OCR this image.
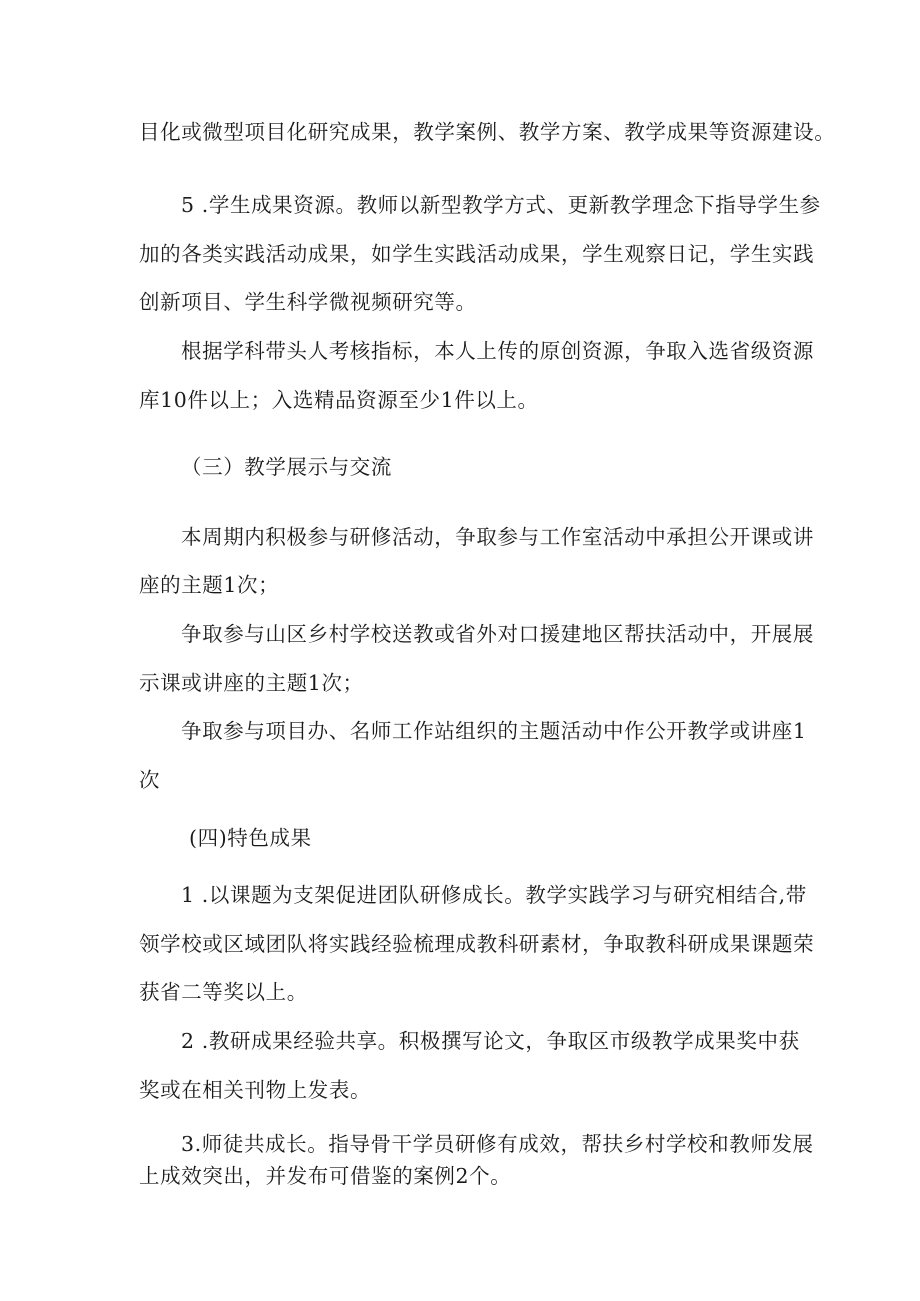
目化或微型项目化研究成果，教学案例、教学方案、教学成果等资源建设。
5 .学生成果资源。教师以新型教学方式、更新教学理念下指导学生参
加的各类实践活动成果，如学生实践活动成果，学生观察日记，学生实践
创新项目、学生科学微视频研究等。
根据学科带头人考核指标，本人上传的原创资源，争取入选省级资源
库10件以上；入选精品资源至少1件以上。
（三）教学展示与交流
本周期内积极参与研修活动，争取参与工作室活动中承担公开课或讲
座的主题1次；
争取参与山区乡村学校送教或省外对口援建地区帮扶活动中，开展展
示课或讲座的主题1次；
争取参与项目办、名师工作站组织的主题活动中作公开教学或讲座1
次
(四)特色成果
1 .以课题为支架促进团队研修成长。教学实践学习与研究相结合,带
领学校或区域团队将实践经验梳理成教科研素材，争取教科研成果课题荣
获省二等奖以上。
2 .教研成果经验共享。积极撰写论文，争取区市级教学成果奖中获
奖或在相关刊物上发表。
3.师徒共成长。指导骨干学员研修有成效，帮扶乡村学校和教师发展
上成效突出，并发布可借鉴的案例2个。
